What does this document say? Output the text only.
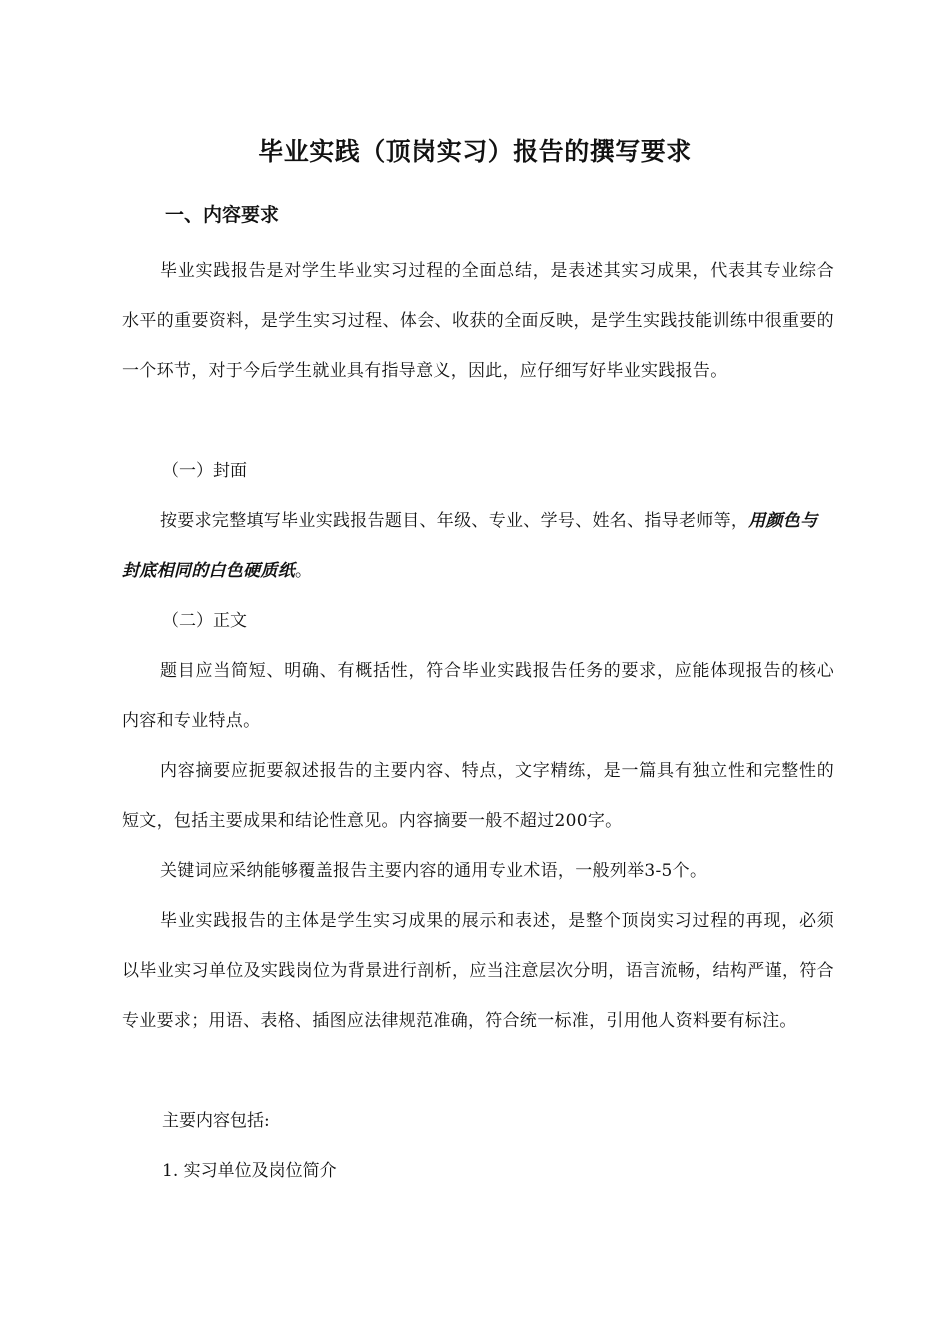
毕业实践（顶岗实习）报告的撰写要求
一、内容要求
毕业实践报告是对学生毕业实习过程的全面总结，是表述其实习成果，代表其专业综合水平的重要资料，是学生实习过程、体会、收获的全面反映，是学生实践技能训练中很重要的一个环节，对于今后学生就业具有指导意义，因此，应仔细写好毕业实践报告。
（一）封面
按要求完整填写毕业实践报告题目、年级、专业、学号、姓名、指导老师等，用颜色与封底相同的白色硬质纸。
（二）正文
题目应当简短、明确、有概括性，符合毕业实践报告任务的要求，应能体现报告的核心内容和专业特点。
内容摘要应扼要叙述报告的主要内容、特点，文字精练，是一篇具有独立性和完整性的短文，包括主要成果和结论性意见。内容摘要一般不超过200字。
关键词应采纳能够覆盖报告主要内容的通用专业术语，一般列举3-5个。
毕业实践报告的主体是学生实习成果的展示和表述，是整个顶岗实习过程的再现，必须以毕业实习单位及实践岗位为背景进行剖析，应当注意层次分明，语言流畅，结构严谨，符合专业要求；用语、表格、插图应法律规范准确，符合统一标准，引用他人资料要有标注。
主要内容包括:
1. 实习单位及岗位简介
